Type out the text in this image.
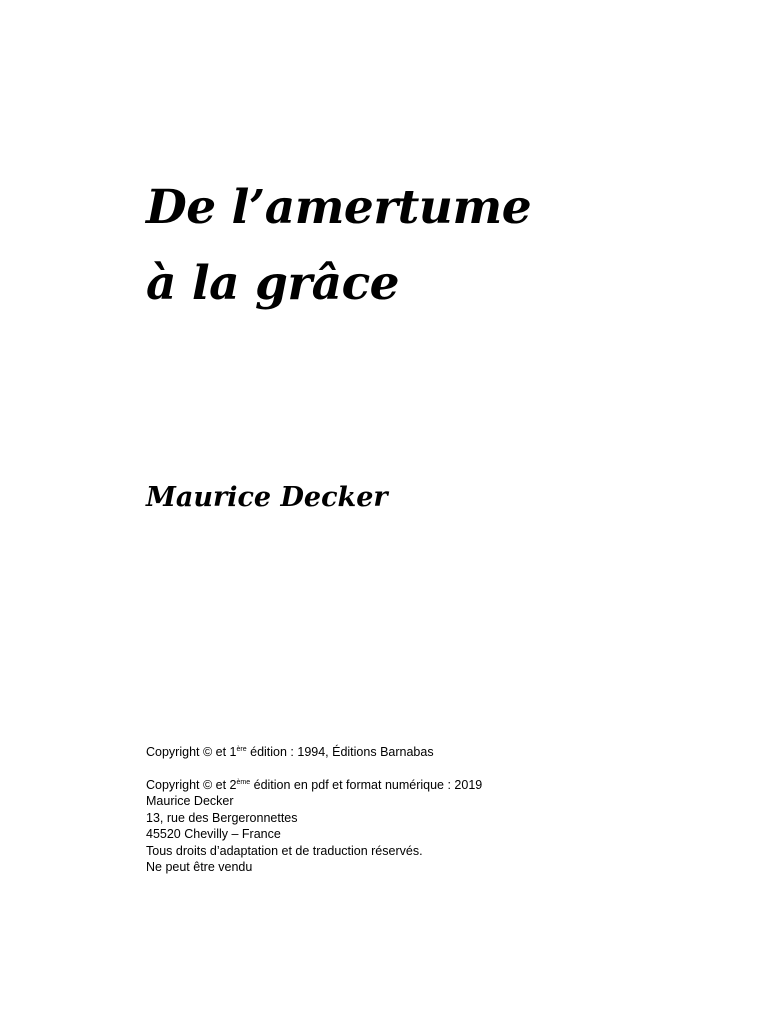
De l’amertume
à la grâce
Maurice Decker

Copyright © et 1ère édition : 1994, Éditions Barnabas

Copyright © et 2ème édition en pdf et format numérique : 2019

Maurice Decker

13, rue des Bergeronnettes

45520 Chevilly – France

Tous droits d’adaptation et de traduction réservés.

Ne peut être vendu
